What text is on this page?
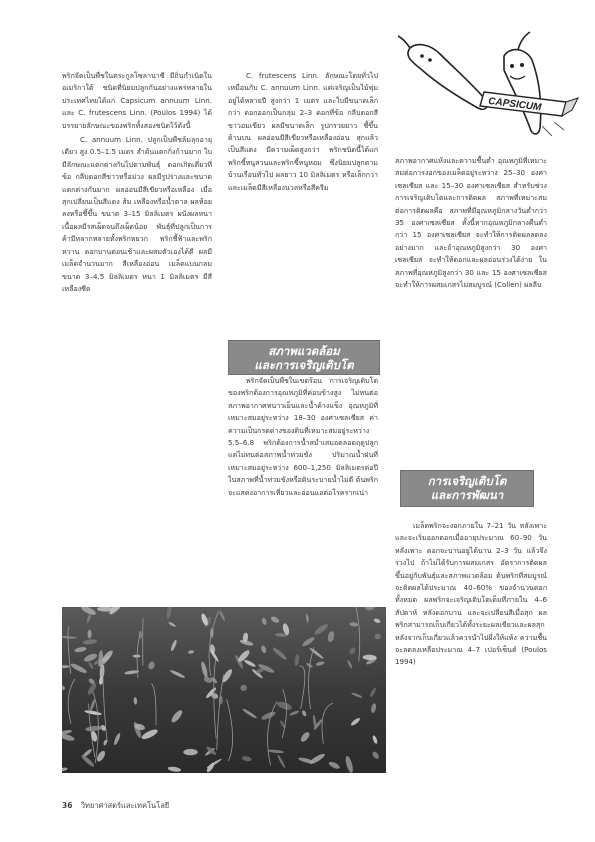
CAPSICUM

พริกจัดเป็นพืชในตระกูลโซลานาซี มีถิ่นกำเนิดในอเมริกาใต้ ชนิดที่นิยมปลูกกันอย่างแพร่หลายในประเทศไทยได้แก่ Capsicum annuum Linn. และ C. frutescens Linn. (Poulos 1994) ได้บรรยายลักษณะของพริกทั้งสองชนิดไว้ดังนี้

C. annuum Linn. ปลูกเป็นพืชล้มลุกอายุเดียว สูง 0.5–1.5 เมตร ลำต้นแตกกิ่งก้านมาก ใบมีลักษณะแตกต่างกันไปตามพันธุ์ ดอกเกิดเดี่ยวที่ข้อ กลีบดอกสีขาวหรือม่วง ผลมีรูปร่างและขนาดแตกต่างกันมาก ผลอ่อนมีสีเขียวหรือเหลือง เมื่อสุกเปลี่ยนเป็นสีแดง ส้ม เหลืองหรือน้ำตาล ผลห้อยลงหรือชี้ขึ้น ขนาด 3–15 มิลลิเมตร ผนังผลหนา เนื้อผลมีรสเผ็ดจนถึงเผ็ดน้อย พันธุ์ที่ปลูกเป็นการค้ามีหลากหลายทั้งพริกหยวก พริกชี้ฟ้าและพริกหวาน ดอกบานตอนเช้าและผสมตัวเองได้ดี ผลมีเมล็ดจำนวนมาก สีเหลืองอ่อน เมล็ดแบนกลม ขนาด 3–4.5 มิลลิเมตร หนา 1 มิลลิเมตร มีสีเหลืองซีด

C. frutescens Linn. ลักษณะโดยทั่วไปเหมือนกับ C. annuum Linn. แต่เจริญเป็นไม้พุ่มอยู่ได้หลายปี สูงกว่า 1 เมตร และใบมีขนาดเล็กกว่า ดอกออกเป็นกลุ่ม 2–3 ดอกที่ข้อ กลีบดอกสีขาวอมเขียว ผลมีขนาดเล็ก รูปกรวยยาว ชี้ขึ้นด้านบน ผลอ่อนมีสีเขียวหรือเหลืองอ่อน สุกแล้วเป็นสีแดง มีความเผ็ดสูงกว่า พริกชนิดนี้ได้แก่ พริกขี้หนูสวนและพริกขี้หนูหอม ซึ่งนิยมปลูกตามบ้านเรือนทั่วไป ผลยาว 10 มิลลิเมตร หรือเล็กกว่า และเมล็ดมีสีเหลืองนวลหรือสีครีม

สภาพแวดล้อม
และการเจริญเติบโต

พริกจัดเป็นพืชในเขตร้อน การเจริญเติบโตของพริกต้องการอุณหภูมิที่ค่อนข้างสูง ไม่ทนต่อสภาพอากาศหนาวเย็นและน้ำค้างแข็ง อุณหภูมิที่เหมาะสมอยู่ระหว่าง 18–30 องศาเซลเซียส ค่าความเป็นกรดด่างของดินที่เหมาะสมอยู่ระหว่าง 5.5–6.8 พริกต้องการน้ำสม่ำเสมอตลอดฤดูปลูก แต่ไม่ทนต่อสภาพน้ำท่วมขัง ปริมาณน้ำฝนที่เหมาะสมอยู่ระหว่าง 600–1,250 มิลลิเมตรต่อปี ในสภาพที่น้ำท่วมขังหรือดินระบายน้ำไม่ดี ต้นพริกจะแสดงอาการเหี่ยวและอ่อนแอต่อโรครากเน่า

สภาพอากาศแห้งและความชื้นต่ำ อุณหภูมิที่เหมาะสมต่อการงอกของเมล็ดอยู่ระหว่าง 25–30 องศาเซลเซียส และ 15–30 องศาเซลเซียส สำหรับช่วงการเจริญเติบโตและการติดผล สภาพที่เหมาะสมต่อการติดผลคือ สภาพที่มีอุณหภูมิกลางวันต่ำกว่า 35 องศาเซลเซียส ทั้งนี้หากอุณหภูมิกลางคืนต่ำกว่า 15 องศาเซลเซียส จะทำให้การติดผลลดลงอย่างมาก และถ้าอุณหภูมิสูงกว่า 30 องศาเซลเซียส จะทำให้ดอกและผลอ่อนร่วงได้ง่าย ในสภาพที่อุณหภูมิสูงกว่า 30 และ 15 องศาเซลเซียส จะทำให้การผสมเกสรไม่สมบูรณ์ (Collen) ผลลีบ

การเจริญเติบโต
และการพัฒนา

เมล็ดพริกจะงอกภายใน 7–21 วัน หลังเพาะ และจะเริ่มออกดอกเมื่ออายุประมาณ 60–90 วันหลังเพาะ ดอกจะบานอยู่ได้นาน 2–3 วัน แล้วจึงร่วงไป ถ้าไม่ได้รับการผสมเกสร อัตราการติดผลขึ้นอยู่กับพันธุ์และสภาพแวดล้อม ต้นพริกที่สมบูรณ์จะติดผลได้ประมาณ 40–60% ของจำนวนดอกทั้งหมด ผลพริกจะเจริญเติบโตเต็มที่ภายใน 4–6 สัปดาห์ หลังดอกบาน และจะเปลี่ยนสีเมื่อสุก ผลพริกสามารถเก็บเกี่ยวได้ทั้งระยะผลเขียวและผลสุก หลังจากเก็บเกี่ยวแล้วควรนำไปผึ่งให้แห้ง ความชื้นจะลดลงเหลือประมาณ 4–7 เปอร์เซ็นต์ (Poulos 1994)

36 วิทยาศาสตร์และเทคโนโลยี
